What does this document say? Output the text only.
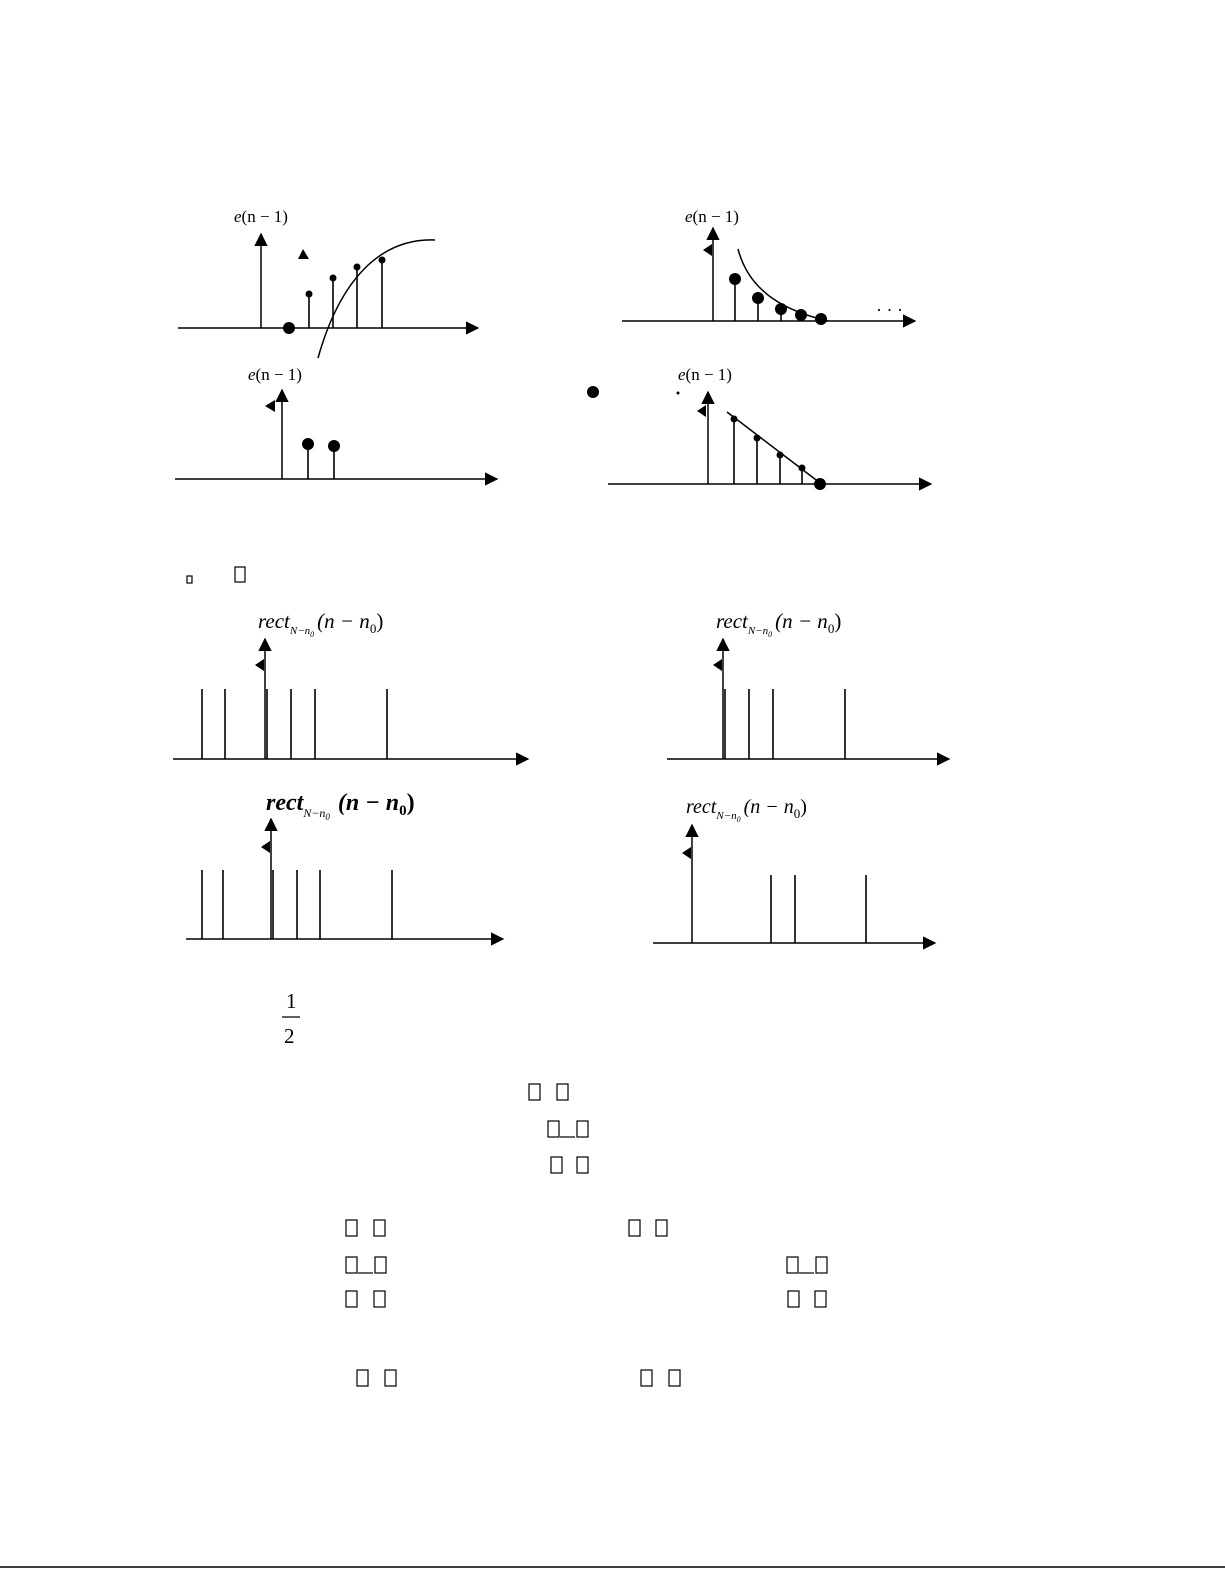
e(n − 1)	e(n − 1)
· · ·
e(n − 1)	e(n − 1)
rect$_{N-n}$0(n − $n_0$)	rect$_{N-n}$0(n − $n_0$)
rect$_{N-n}$0(n − $n_0$)	rect$_{N-n}$0(n − $n_0$)
1
2
